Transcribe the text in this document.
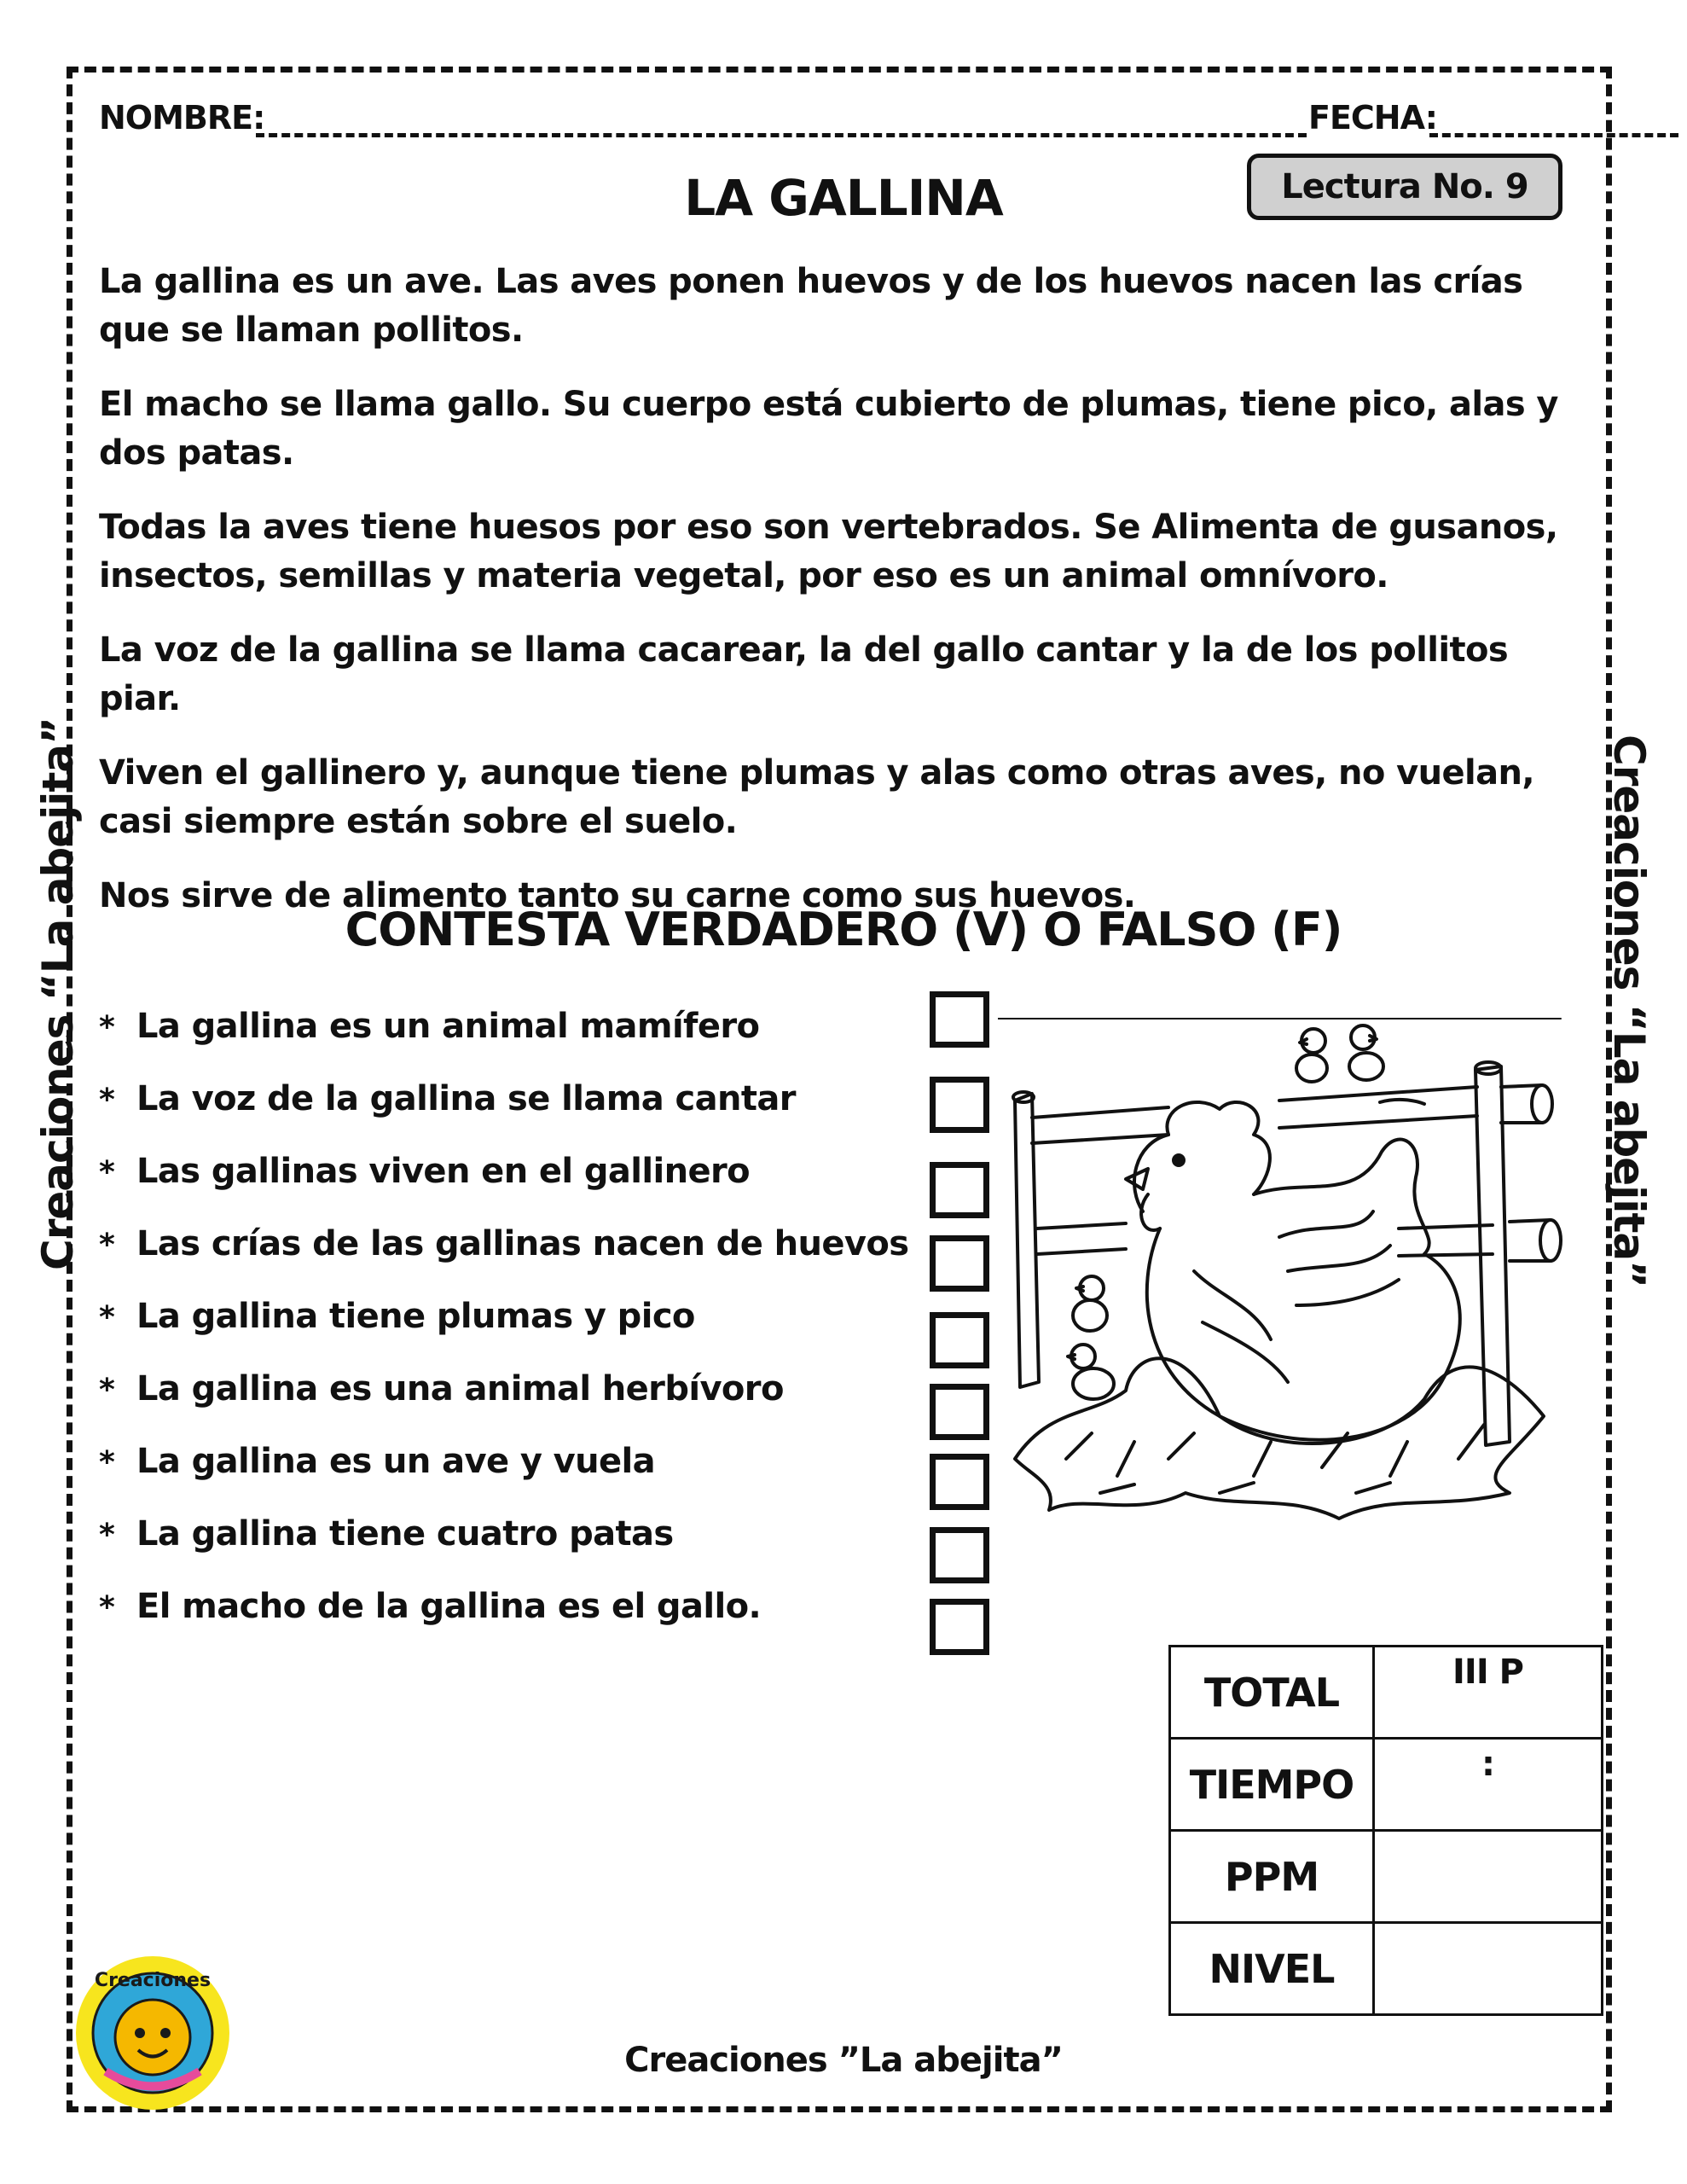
NOMBRE:	FECHA:
LA GALLINA	Lectura No. 9

La gallina es un ave. Las aves ponen huevos y de los huevos nacen las crías que se llaman pollitos.

El macho se llama gallo. Su cuerpo está cubierto de plumas, tiene pico, alas y dos patas.

Todas la aves tiene huesos por eso son vertebrados. Se Alimenta de gusanos, insectos, semillas y materia vegetal, por eso es un animal omnívoro.

La voz de la gallina se llama cacarear, la del gallo cantar y la de los pollitos piar.

Viven el gallinero y, aunque tiene plumas y alas como otras aves, no vuelan, casi siempre están sobre el suelo.

Nos sirve de alimento tanto su carne como sus huevos.

CONTESTA VERDADERO (V) O FALSO (F)
* La gallina es un animal mamífero
* La voz de la gallina se llama cantar
* Las gallinas viven en el gallinero
* Las crías de las gallinas nacen de huevos
* La gallina tiene plumas y pico
* La gallina es una animal herbívoro
* La gallina es un ave y vuela
* La gallina tiene cuatro patas
* El macho de la gallina es el gallo.
TOTAL	III P
TIEMPO	:
PPM	
NIVEL	
Creaciones
Creaciones ”La abejita”
Creaciones “La abejita”	Creaciones “La abejita”
